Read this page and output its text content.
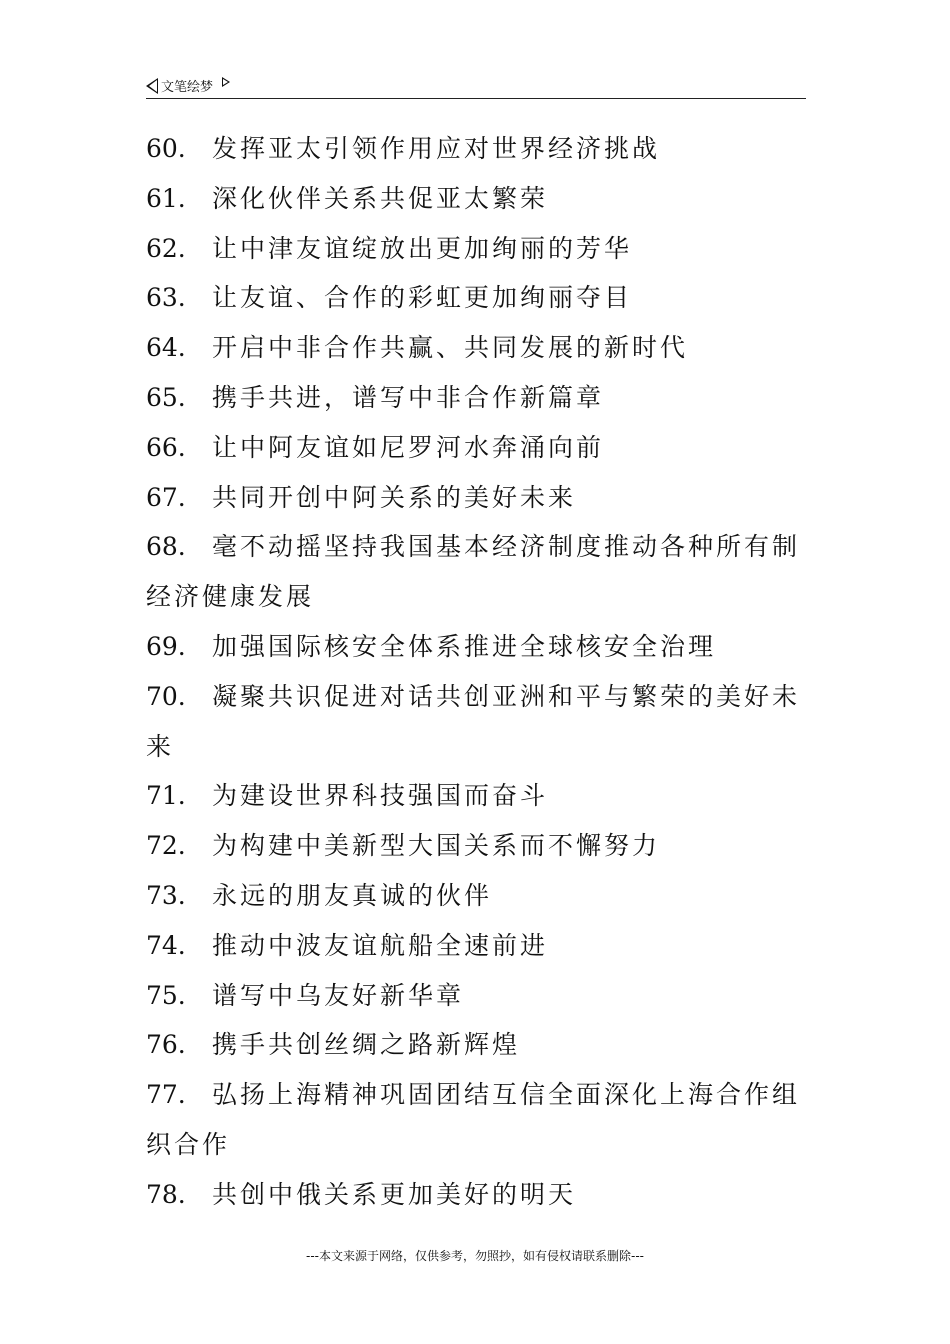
文笔绘梦

60. 发挥亚太引领作用应对世界经济挑战

61. 深化伙伴关系共促亚太繁荣

62. 让中津友谊绽放出更加绚丽的芳华

63. 让友谊、合作的彩虹更加绚丽夺目

64. 开启中非合作共赢、共同发展的新时代

65. 携手共进，谱写中非合作新篇章

66. 让中阿友谊如尼罗河水奔涌向前

67. 共同开创中阿关系的美好未来

68. 毫不动摇坚持我国基本经济制度推动各种所有制经济健康发展

69. 加强国际核安全体系推进全球核安全治理

70. 凝聚共识促进对话共创亚洲和平与繁荣的美好未来

71. 为建设世界科技强国而奋斗

72. 为构建中美新型大国关系而不懈努力

73. 永远的朋友真诚的伙伴

74. 推动中波友谊航船全速前进

75. 谱写中乌友好新华章

76. 携手共创丝绸之路新辉煌

77. 弘扬上海精神巩固团结互信全面深化上海合作组织合作

78. 共创中俄关系更加美好的明天

---本文来源于网络，仅供参考，勿照抄，如有侵权请联系删除---
